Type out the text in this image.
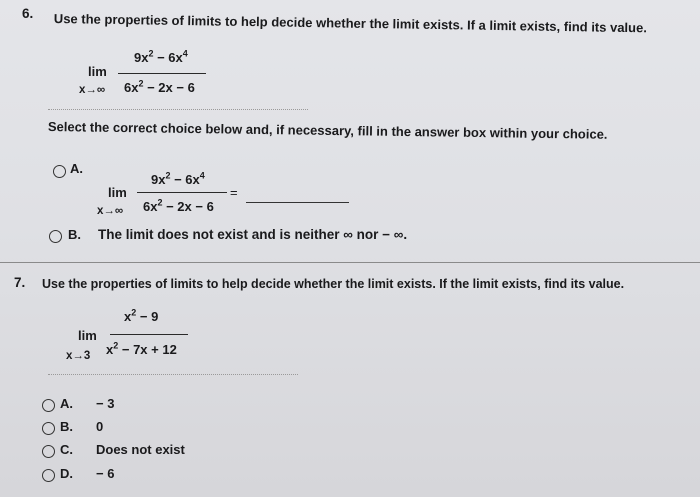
6. Use the properties of limits to help decide whether the limit exists. If a limit exists, find its value.
$9x^2 - 6x^4$
lim
x→∞ $6x^2 - 2x - 6$
Select the correct choice below and, if necessary, fill in the answer box within your choice.
A.
$9x^2 - 6x^4$
lim	=
x→∞ $6x^2 - 2x - 6$
B. The limit does not exist and is neither ∞ nor − ∞.
7. Use the properties of limits to help decide whether the limit exists. If the limit exists, find its value.
$x^2 - 9$
lim
x→3 $x^2 - 7x + 12$
A. − 3
B. 0
C. Does not exist
D. − 6
